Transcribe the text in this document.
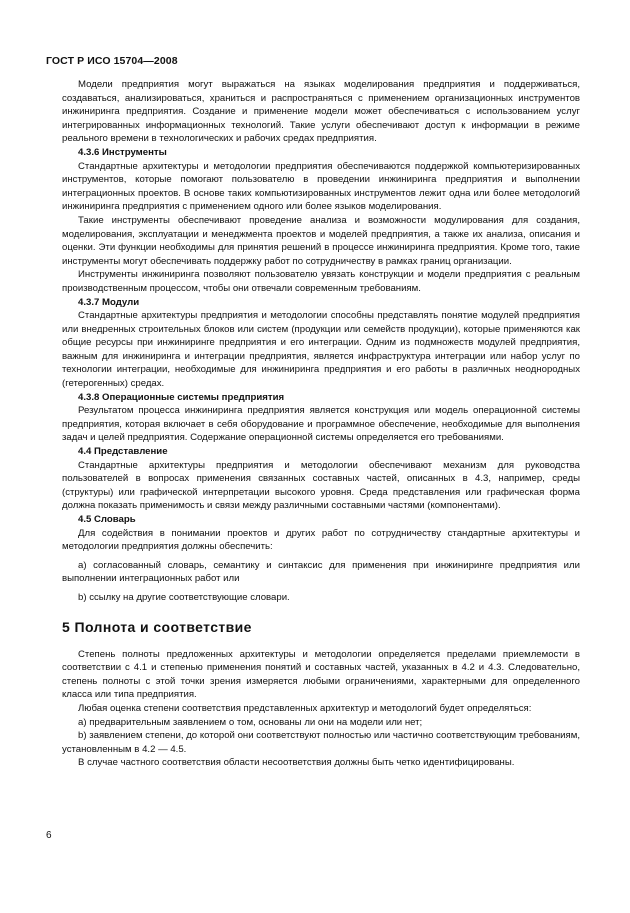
ГОСТ Р ИСО 15704—2008

Модели предприятия могут выражаться на языках моделирования предприятия и поддерживаться, создаваться, анализироваться, храниться и распространяться с применением организационных инструментов инжиниринга предприятия. Создание и применение модели может обеспечиваться с использованием услуг интегрированных информационных технологий. Такие услуги обеспечивают доступ к информации в режиме реального времени в технологических и рабочих средах предприятия.

4.3.6 Инструменты

Стандартные архитектуры и методологии предприятия обеспечиваются поддержкой компьютеризированных инструментов, которые помогают пользователю в проведении инжиниринга предприятия и выполнении интеграционных проектов. В основе таких компьютизированных инструментов лежит одна или более методологий инжиниринга предприятия с применением одного или более языков моделирования.

Такие инструменты обеспечивают проведение анализа и возможности модулирования для создания, моделирования, эксплуатации и менеджмента проектов и моделей предприятия, а также их анализа, описания и оценки. Эти функции необходимы для принятия решений в процессе инжиниринга предприятия. Кроме того, такие инструменты могут обеспечивать поддержку работ по сотрудничеству в рамках границ организации.

Инструменты инжиниринга позволяют пользователю увязать конструкции и модели предприятия с реальным производственным процессом, чтобы они отвечали современным требованиям.

4.3.7 Модули

Стандартные архитектуры предприятия и методологии способны представлять понятие модулей предприятия или внедренных строительных блоков или систем (продукции или семейств продукции), которые применяются как общие ресурсы при инжиниринге предприятия и его интеграции. Одним из подмножеств модулей предприятия, важным для инжиниринга и интеграции предприятия, является инфраструктура интеграции или набор услуг по технологии интеграции, необходимые для инжиниринга предприятия и его работы в различных неоднородных (гетерогенных) средах.

4.3.8 Операционные системы предприятия

Результатом процесса инжиниринга предприятия является конструкция или модель операционной системы предприятия, которая включает в себя оборудование и программное обеспечение, необходимые для выполнения задач и целей предприятия. Содержание операционной системы определяется его требованиями.

4.4 Представление

Стандартные архитектуры предприятия и методологии обеспечивают механизм для руководства пользователей в вопросах применения связанных составных частей, описанных в 4.3, например, среды (структуры) или графической интерпретации высокого уровня. Среда представления или графическая форма должна показать применимость и связи между различными составными частями (компонентами).

4.5 Словарь

Для содействия в понимании проектов и других работ по сотрудничеству стандартные архитектуры и методологии предприятия должны обеспечить:

а) согласованный словарь, семантику и синтаксис для применения при инжиниринге предприятия или выполнении интеграционных работ или

b) ссылку на другие соответствующие словари.

5 Полнота и соответствие

Степень полноты предложенных архитектуры и методологии определяется пределами приемлемости в соответствии с 4.1 и степенью применения понятий и составных частей, указанных в 4.2 и 4.3. Следовательно, степень полноты с этой точки зрения измеряется любыми ограничениями, характерными для определенного класса или типа предприятия.

Любая оценка степени соответствия представленных архитектур и методологий будет определяться:

а) предварительным заявлением о том, основаны ли они на модели или нет;

b) заявлением степени, до которой они соответствуют полностью или частично соответствующим требованиям, установленным в 4.2 — 4.5.

В случае частного соответствия области несоответствия должны быть четко идентифицированы.

6
